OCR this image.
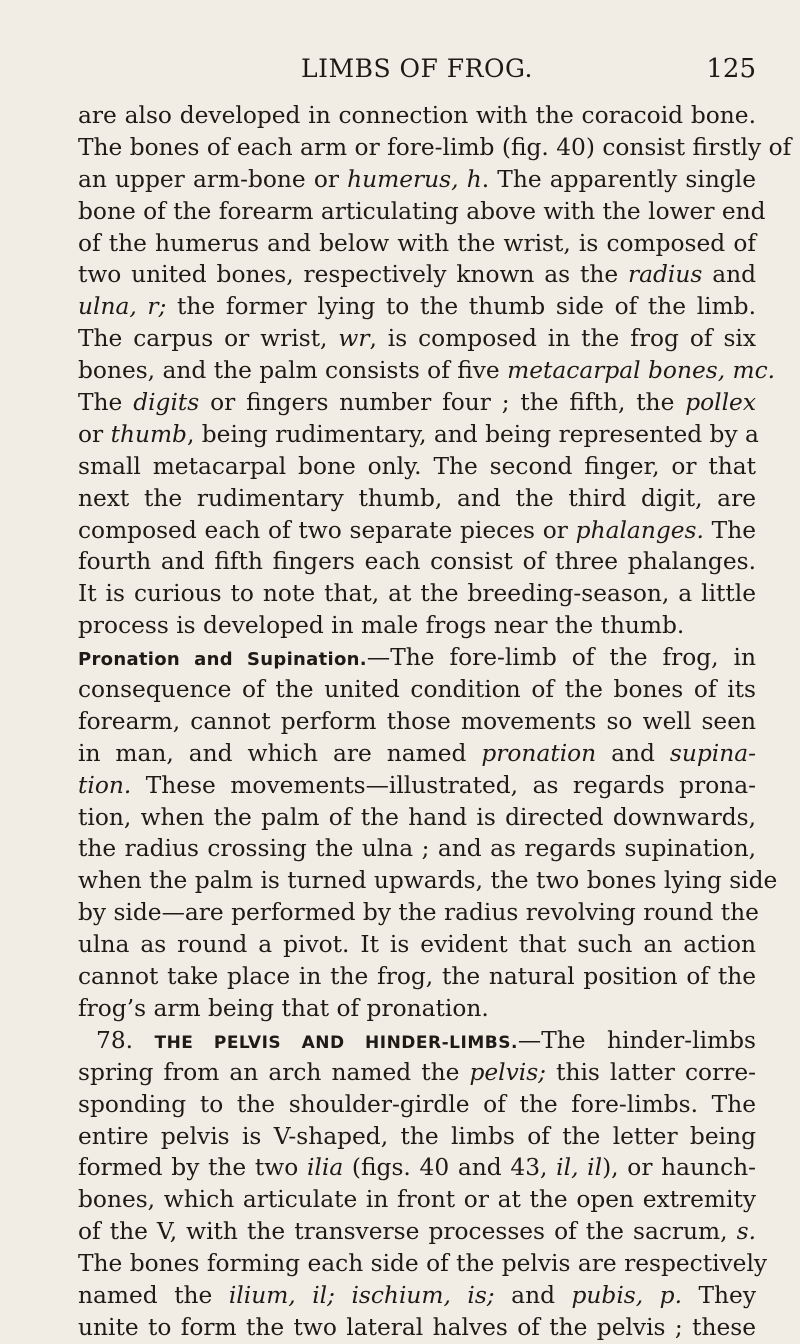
LIMBS OF FROG.	125
are also developed in connection with the coracoid bone.
The bones of each arm or fore-limb (fig. 40) consist firstly of
an upper arm-bone or humerus, h. The apparently single
bone of the forearm articulating above with the lower end
of the humerus and below with the wrist, is composed of
two united bones, respectively known as the radius and
ulna, r; the former lying to the thumb side of the limb.
The carpus or wrist, wr, is composed in the frog of six
bones, and the palm consists of five metacarpal bones, mc.
The digits or fingers number four ; the fifth, the pollex
or thumb, being rudimentary, and being represented by a
small metacarpal bone only. The second finger, or that
next the rudimentary thumb, and the third digit, are
composed each of two separate pieces or phalanges. The
fourth and fifth fingers each consist of three phalanges.
It is curious to note that, at the breeding-season, a little
process is developed in male frogs near the thumb.
Pronation and Supination.—The fore-limb of the frog, in
consequence of the united condition of the bones of its
forearm, cannot perform those movements so well seen
in man, and which are named pronation and supina-
tion. These movements—illustrated, as regards prona-
tion, when the palm of the hand is directed downwards,
the radius crossing the ulna ; and as regards supination,
when the palm is turned upwards, the two bones lying side
by side—are performed by the radius revolving round the
ulna as round a pivot. It is evident that such an action
cannot take place in the frog, the natural position of the
frog’s arm being that of pronation.
78. THE PELVIS AND HINDER-LIMBS.—The hinder-limbs
spring from an arch named the pelvis; this latter corre-
sponding to the shoulder-girdle of the fore-limbs. The
entire pelvis is V-shaped, the limbs of the letter being
formed by the two ilia (figs. 40 and 43, il, il), or haunch-
bones, which articulate in front or at the open extremity
of the V, with the transverse processes of the sacrum, s.
The bones forming each side of the pelvis are respectively
named the ilium, il; ischium, is; and pubis, p. They
unite to form the two lateral halves of the pelvis ; these
